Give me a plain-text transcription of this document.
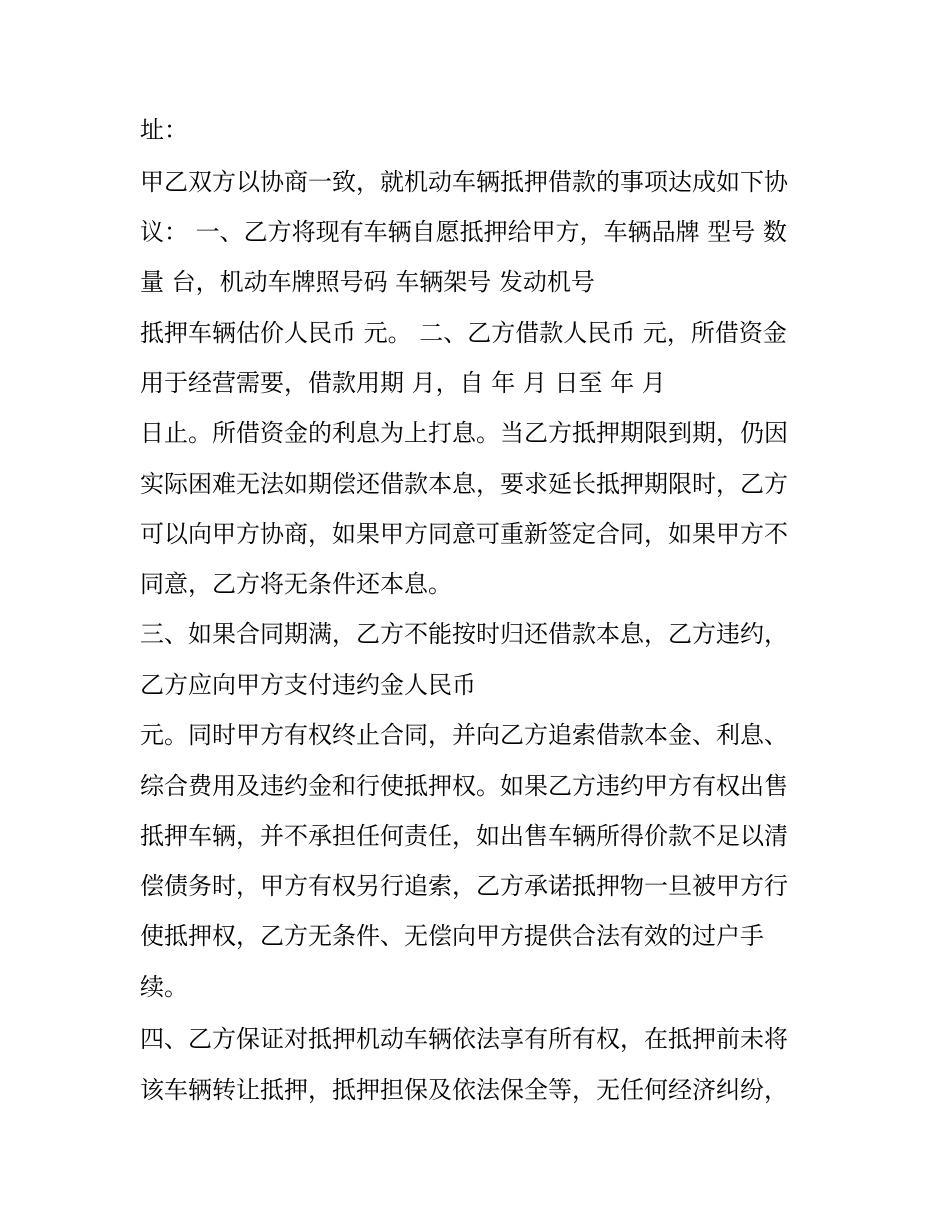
址：
甲乙双方以协商一致，就机动车辆抵押借款的事项达成如下协
议： 一、乙方将现有车辆自愿抵押给甲方，车辆品牌 型号 数
量 台，机动车牌照号码 车辆架号 发动机号
抵押车辆估价人民币 元。 二、乙方借款人民币 元，所借资金
用于经营需要，借款用期 月，自 年 月 日至 年 月
日止。所借资金的利息为上打息。当乙方抵押期限到期，仍因
实际困难无法如期偿还借款本息，要求延长抵押期限时，乙方
可以向甲方协商，如果甲方同意可重新签定合同，如果甲方不
同意，乙方将无条件还本息。
三、如果合同期满，乙方不能按时归还借款本息，乙方违约，
乙方应向甲方支付违约金人民币
元。同时甲方有权终止合同，并向乙方追索借款本金、利息、
综合费用及违约金和行使抵押权。如果乙方违约甲方有权出售
抵押车辆，并不承担任何责任，如出售车辆所得价款不足以清
偿债务时，甲方有权另行追索，乙方承诺抵押物一旦被甲方行
使抵押权，乙方无条件、无偿向甲方提供合法有效的过户手
续。
四、乙方保证对抵押机动车辆依法享有所有权，在抵押前未将
该车辆转让抵押，抵押担保及依法保全等，无任何经济纠纷，
